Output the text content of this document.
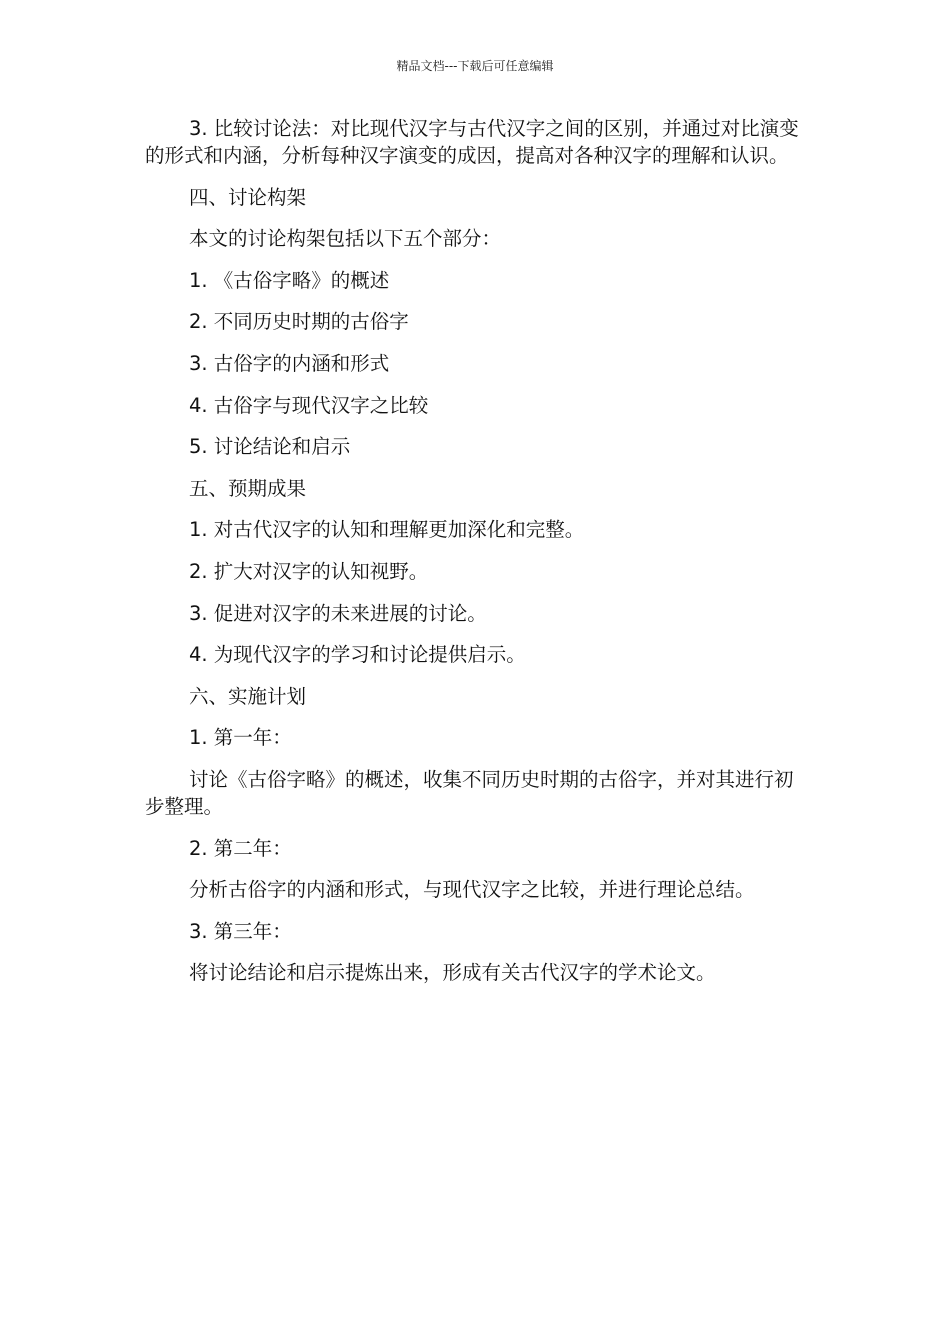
精品文档---下载后可任意编辑

3. 比较讨论法：对比现代汉字与古代汉字之间的区别，并通过对比演变的形式和内涵，分析每种汉字演变的成因，提高对各种汉字的理解和认识。

四、讨论构架

本文的讨论构架包括以下五个部分：

1. 《古俗字略》的概述

2. 不同历史时期的古俗字

3. 古俗字的内涵和形式

4. 古俗字与现代汉字之比较

5. 讨论结论和启示

五、预期成果

1. 对古代汉字的认知和理解更加深化和完整。

2. 扩大对汉字的认知视野。

3. 促进对汉字的未来进展的讨论。

4. 为现代汉字的学习和讨论提供启示。

六、实施计划

1. 第一年：

讨论《古俗字略》的概述，收集不同历史时期的古俗字，并对其进行初步整理。

2. 第二年：

分析古俗字的内涵和形式，与现代汉字之比较，并进行理论总结。

3. 第三年：

将讨论结论和启示提炼出来，形成有关古代汉字的学术论文。
